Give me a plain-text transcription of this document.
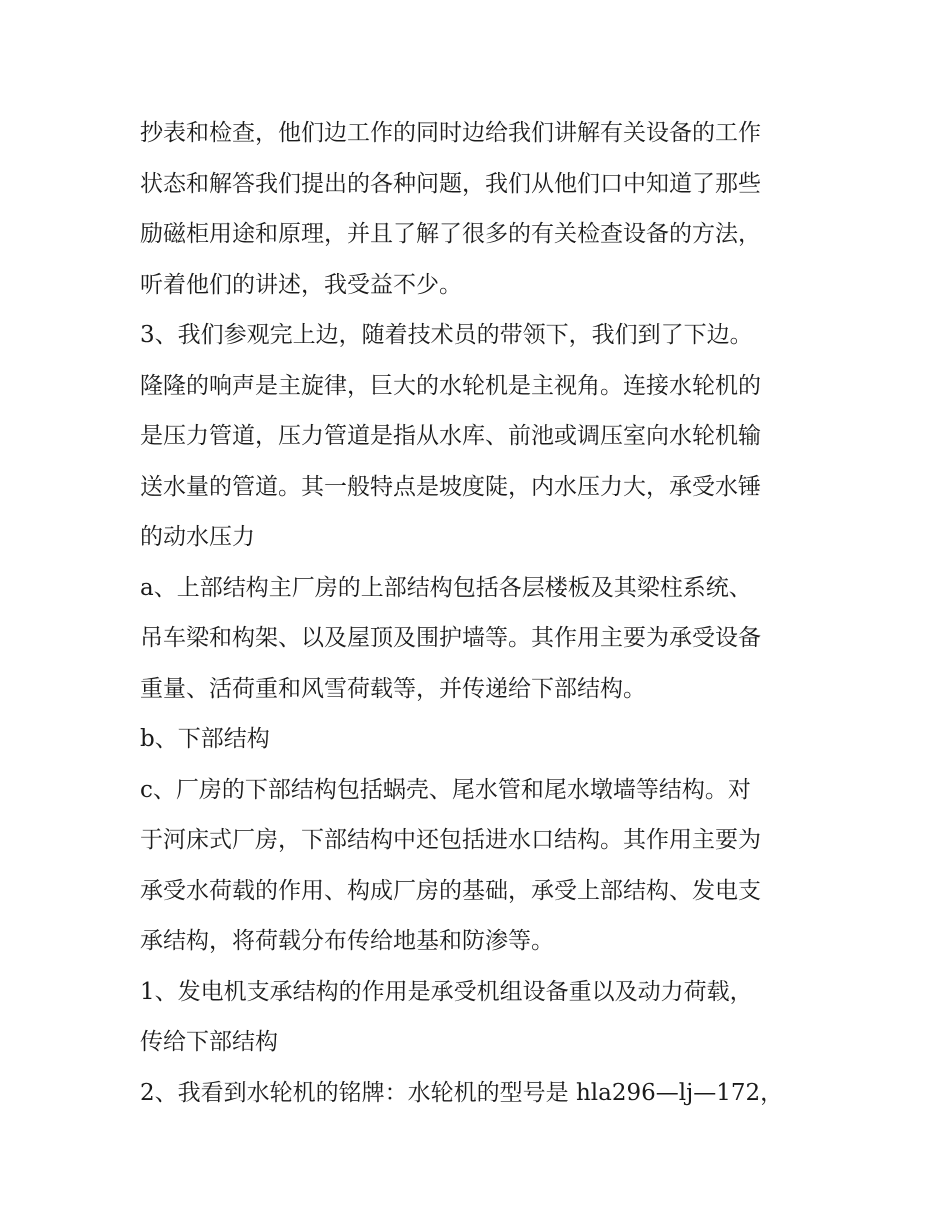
抄表和检查，他们边工作的同时边给我们讲解有关设备的工作
状态和解答我们提出的各种问题，我们从他们口中知道了那些
励磁柜用途和原理，并且了解了很多的有关检查设备的方法，
听着他们的讲述，我受益不少。
3、我们参观完上边，随着技术员的带领下，我们到了下边。
隆隆的响声是主旋律，巨大的水轮机是主视角。连接水轮机的
是压力管道，压力管道是指从水库、前池或调压室向水轮机输
送水量的管道。其一般特点是坡度陡，内水压力大，承受水锤
的动水压力
a、上部结构主厂房的上部结构包括各层楼板及其梁柱系统、
吊车梁和构架、以及屋顶及围护墙等。其作用主要为承受设备
重量、活荷重和风雪荷载等，并传递给下部结构。
b、下部结构
c、厂房的下部结构包括蜗壳、尾水管和尾水墩墙等结构。对
于河床式厂房，下部结构中还包括进水口结构。其作用主要为
承受水荷载的作用、构成厂房的基础，承受上部结构、发电支
承结构，将荷载分布传给地基和防渗等。
1、发电机支承结构的作用是承受机组设备重以及动力荷载，
传给下部结构
2、我看到水轮机的铭牌：水轮机的型号是 hla296—lj—172，
